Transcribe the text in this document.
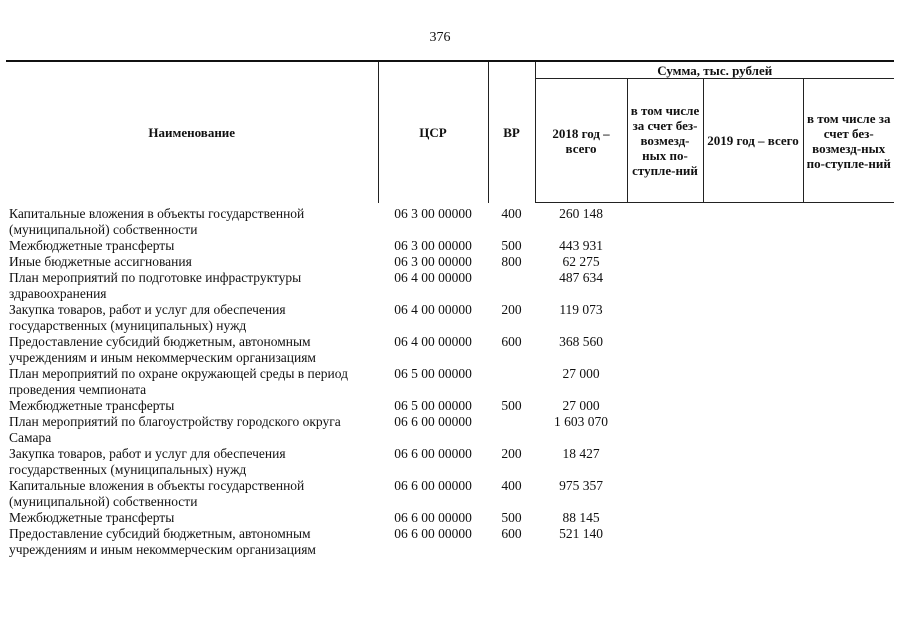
376
Наименование	ЦСР	ВР	Сумма, тыс. рублей			
			2018 год – всего	в том числе за счет без-возмезд-ных по-ступле-ний	2019 год – всего	в том числе за счет без-возмезд-ных по-ступле-ний
Капитальные вложения в объекты государственной (муниципальной) собственности	06 3 00 00000	400	260 148			
Межбюджетные трансферты	06 3 00 00000	500	443 931			
Иные бюджетные ассигнования	06 3 00 00000	800	62 275			
План мероприятий по подготовке инфраструктуры здравоохранения	06 4 00 00000		487 634			
Закупка товаров, работ и услуг для обеспечения государственных (муниципальных) нужд	06 4 00 00000	200	119 073			
Предоставление субсидий бюджетным, автономным учреждениям и иным некоммерческим организациям	06 4 00 00000	600	368 560			
План мероприятий по охране окружающей среды в период проведения чемпионата	06 5 00 00000		27 000			
Межбюджетные трансферты	06 5 00 00000	500	27 000			
План мероприятий по благоустройству городского округа Самара	06 6 00 00000		1 603 070			
Закупка товаров, работ и услуг для обеспечения государственных (муниципальных) нужд	06 6 00 00000	200	18 427			
Капитальные вложения в объекты государственной (муниципальной) собственности	06 6 00 00000	400	975 357			
Межбюджетные трансферты	06 6 00 00000	500	88 145			
Предоставление субсидий бюджетным, автономным учреждениям и иным некоммерческим организациям	06 6 00 00000	600	521 140			
